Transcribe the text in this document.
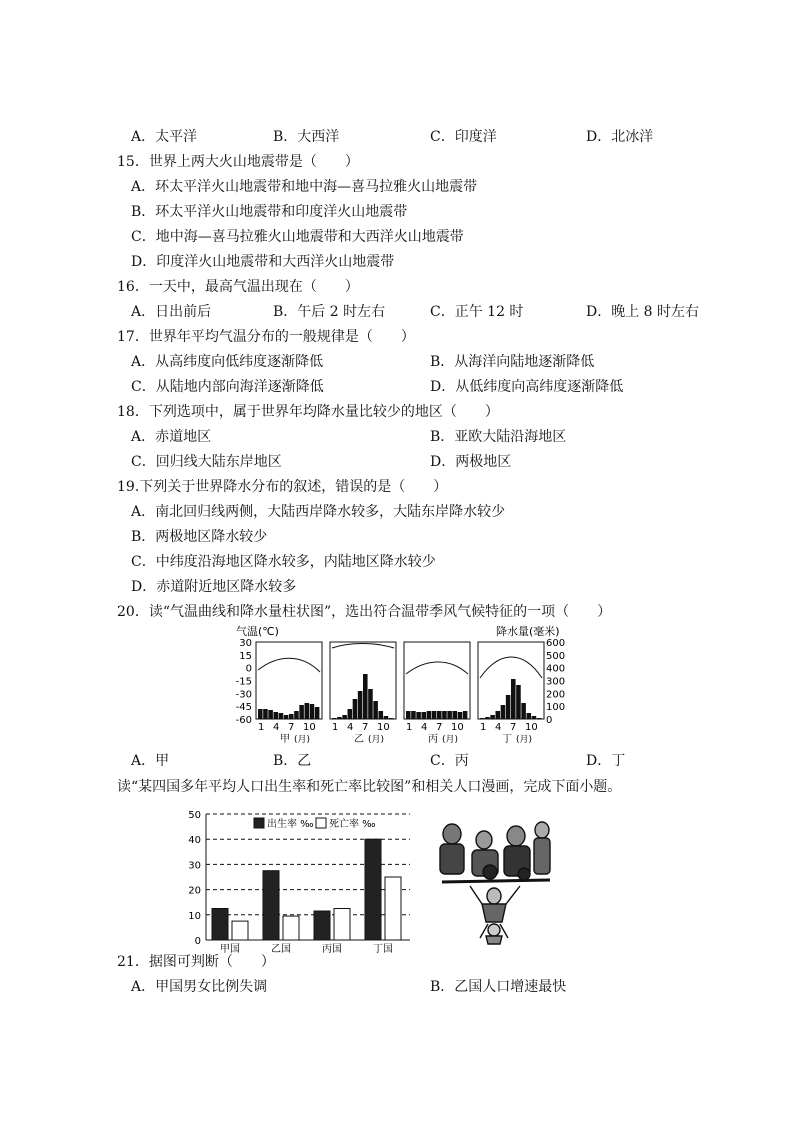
A．太平洋	B．大西洋	C．印度洋	D．北冰洋
15．世界上两大火山地震带是（　　）
A．环太平洋火山地震带和地中海—喜马拉雅火山地震带
B．环太平洋火山地震带和印度洋火山地震带
C．地中海—喜马拉雅火山地震带和大西洋火山地震带
D．印度洋火山地震带和大西洋火山地震带
16．一天中，最高气温出现在（　　）
A．日出前后	B．午后 2 时左右	C．正午 12 时	D．晚上 8 时左右
17．世界年平均气温分布的一般规律是（　　）
A．从高纬度向低纬度逐渐降低	B．从海洋向陆地逐渐降低
C．从陆地内部向海洋逐渐降低	D．从低纬度向高纬度逐渐降低
18．下列选项中，属于世界年均降水量比较少的地区（　　）
A．赤道地区	B．亚欧大陆沿海地区
C．回归线大陆东岸地区	D．两极地区
19.下列关于世界降水分布的叙述，错误的是（　　）
A．南北回归线两侧，大陆西岸降水较多，大陆东岸降水较少
B．两极地区降水较少
C．中纬度沿海地区降水较多，内陆地区降水较少
D．赤道附近地区降水较多
20．读“气温曲线和降水量柱状图”，选出符合温带季风气候特征的一项（　　）
气温(℃)	降水量(毫米)
30
15
0
-15
-30
-45
-60
600
500
400
300
200
100
0
1 4 7 10
甲 (月)
1 4 7 10
乙 (月)
1 4 7 10
丙 (月)
1 4 7 10
丁 (月)
A．甲	B．乙	C．丙	D．丁
读“某四国多年平均人口出生率和死亡率比较图”和相关人口漫画，完成下面小题。
0
10
20
30
40
50
出生率 ‰ 死亡率 ‰
甲国	乙国	丙国	丁国
21．据图可判断（　　）
A．甲国男女比例失调	B．乙国人口增速最快
